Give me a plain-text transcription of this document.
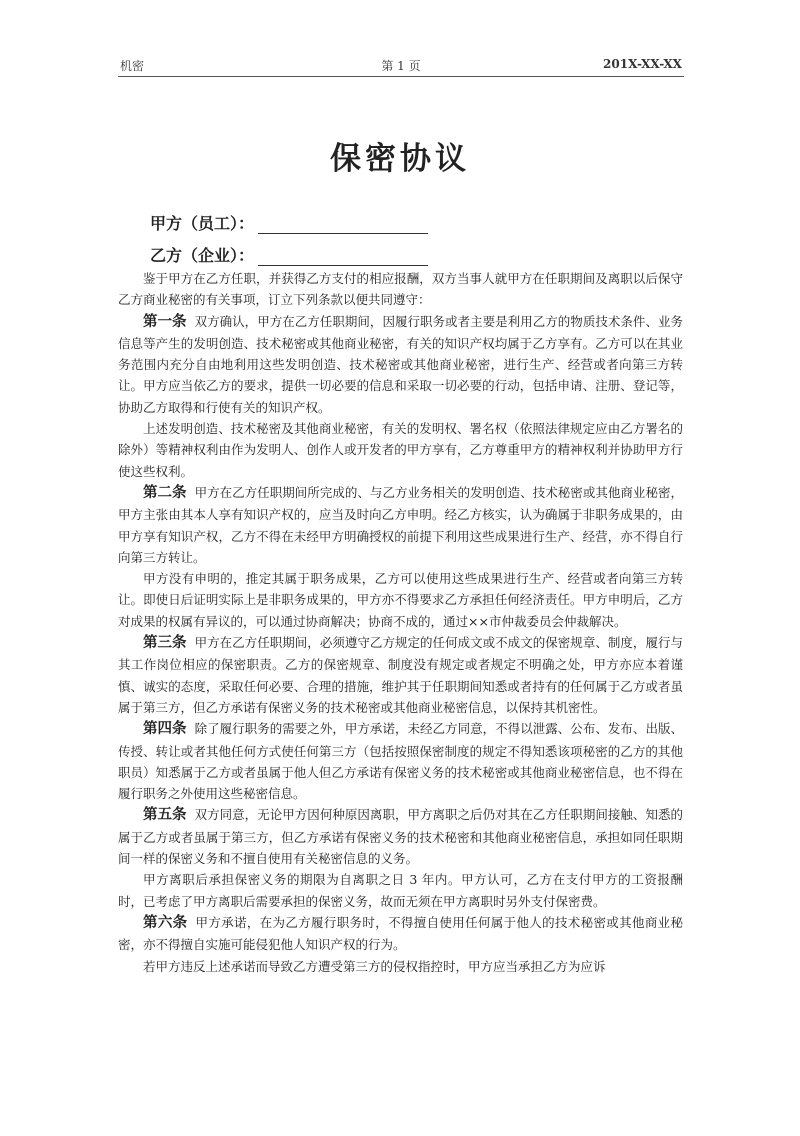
机密	第 1 页	201X-XX-XX
保密协议
甲方（员工）：
乙方（企业）：

鉴于甲方在乙方任职，并获得乙方支付的相应报酬，双方当事人就甲方在任职期间及离职以后保守乙方商业秘密的有关事项，订立下列条款以便共同遵守：

第一条 双方确认，甲方在乙方任职期间，因履行职务或者主要是利用乙方的物质技术条件、业务信息等产生的发明创造、技术秘密或其他商业秘密，有关的知识产权均属于乙方享有。乙方可以在其业务范围内充分自由地利用这些发明创造、技术秘密或其他商业秘密，进行生产、经营或者向第三方转让。甲方应当依乙方的要求，提供一切必要的信息和采取一切必要的行动，包括申请、注册、登记等，协助乙方取得和行使有关的知识产权。

上述发明创造、技术秘密及其他商业秘密，有关的发明权、署名权（依照法律规定应由乙方署名的除外）等精神权利由作为发明人、创作人或开发者的甲方享有，乙方尊重甲方的精神权利并协助甲方行使这些权利。

第二条 甲方在乙方任职期间所完成的、与乙方业务相关的发明创造、技术秘密或其他商业秘密，甲方主张由其本人享有知识产权的，应当及时向乙方申明。经乙方核实，认为确属于非职务成果的，由甲方享有知识产权，乙方不得在未经甲方明确授权的前提下利用这些成果进行生产、经营，亦不得自行向第三方转让。

甲方没有申明的，推定其属于职务成果，乙方可以使用这些成果进行生产、经营或者向第三方转让。即使日后证明实际上是非职务成果的，甲方亦不得要求乙方承担任何经济责任。甲方申明后，乙方对成果的权属有异议的，可以通过协商解决；协商不成的，通过××市仲裁委员会仲裁解决。

第三条 甲方在乙方任职期间，必须遵守乙方规定的任何成文或不成文的保密规章、制度，履行与其工作岗位相应的保密职责。乙方的保密规章、制度没有规定或者规定不明确之处，甲方亦应本着谨慎、诚实的态度，采取任何必要、合理的措施，维护其于任职期间知悉或者持有的任何属于乙方或者虽属于第三方，但乙方承诺有保密义务的技术秘密或其他商业秘密信息，以保持其机密性。

第四条 除了履行职务的需要之外，甲方承诺，未经乙方同意，不得以泄露、公布、发布、出版、传授、转让或者其他任何方式使任何第三方（包括按照保密制度的规定不得知悉该项秘密的乙方的其他职员）知悉属于乙方或者虽属于他人但乙方承诺有保密义务的技术秘密或其他商业秘密信息，也不得在履行职务之外使用这些秘密信息。

第五条 双方同意，无论甲方因何种原因离职，甲方离职之后仍对其在乙方任职期间接触、知悉的属于乙方或者虽属于第三方，但乙方承诺有保密义务的技术秘密和其他商业秘密信息，承担如同任职期间一样的保密义务和不擅自使用有关秘密信息的义务。

甲方离职后承担保密义务的期限为自离职之日 3 年内。甲方认可，乙方在支付甲方的工资报酬时，已考虑了甲方离职后需要承担的保密义务，故而无须在甲方离职时另外支付保密费。

第六条 甲方承诺，在为乙方履行职务时，不得擅自使用任何属于他人的技术秘密或其他商业秘密，亦不得擅自实施可能侵犯他人知识产权的行为。

若甲方违反上述承诺而导致乙方遭受第三方的侵权指控时，甲方应当承担乙方为应诉
